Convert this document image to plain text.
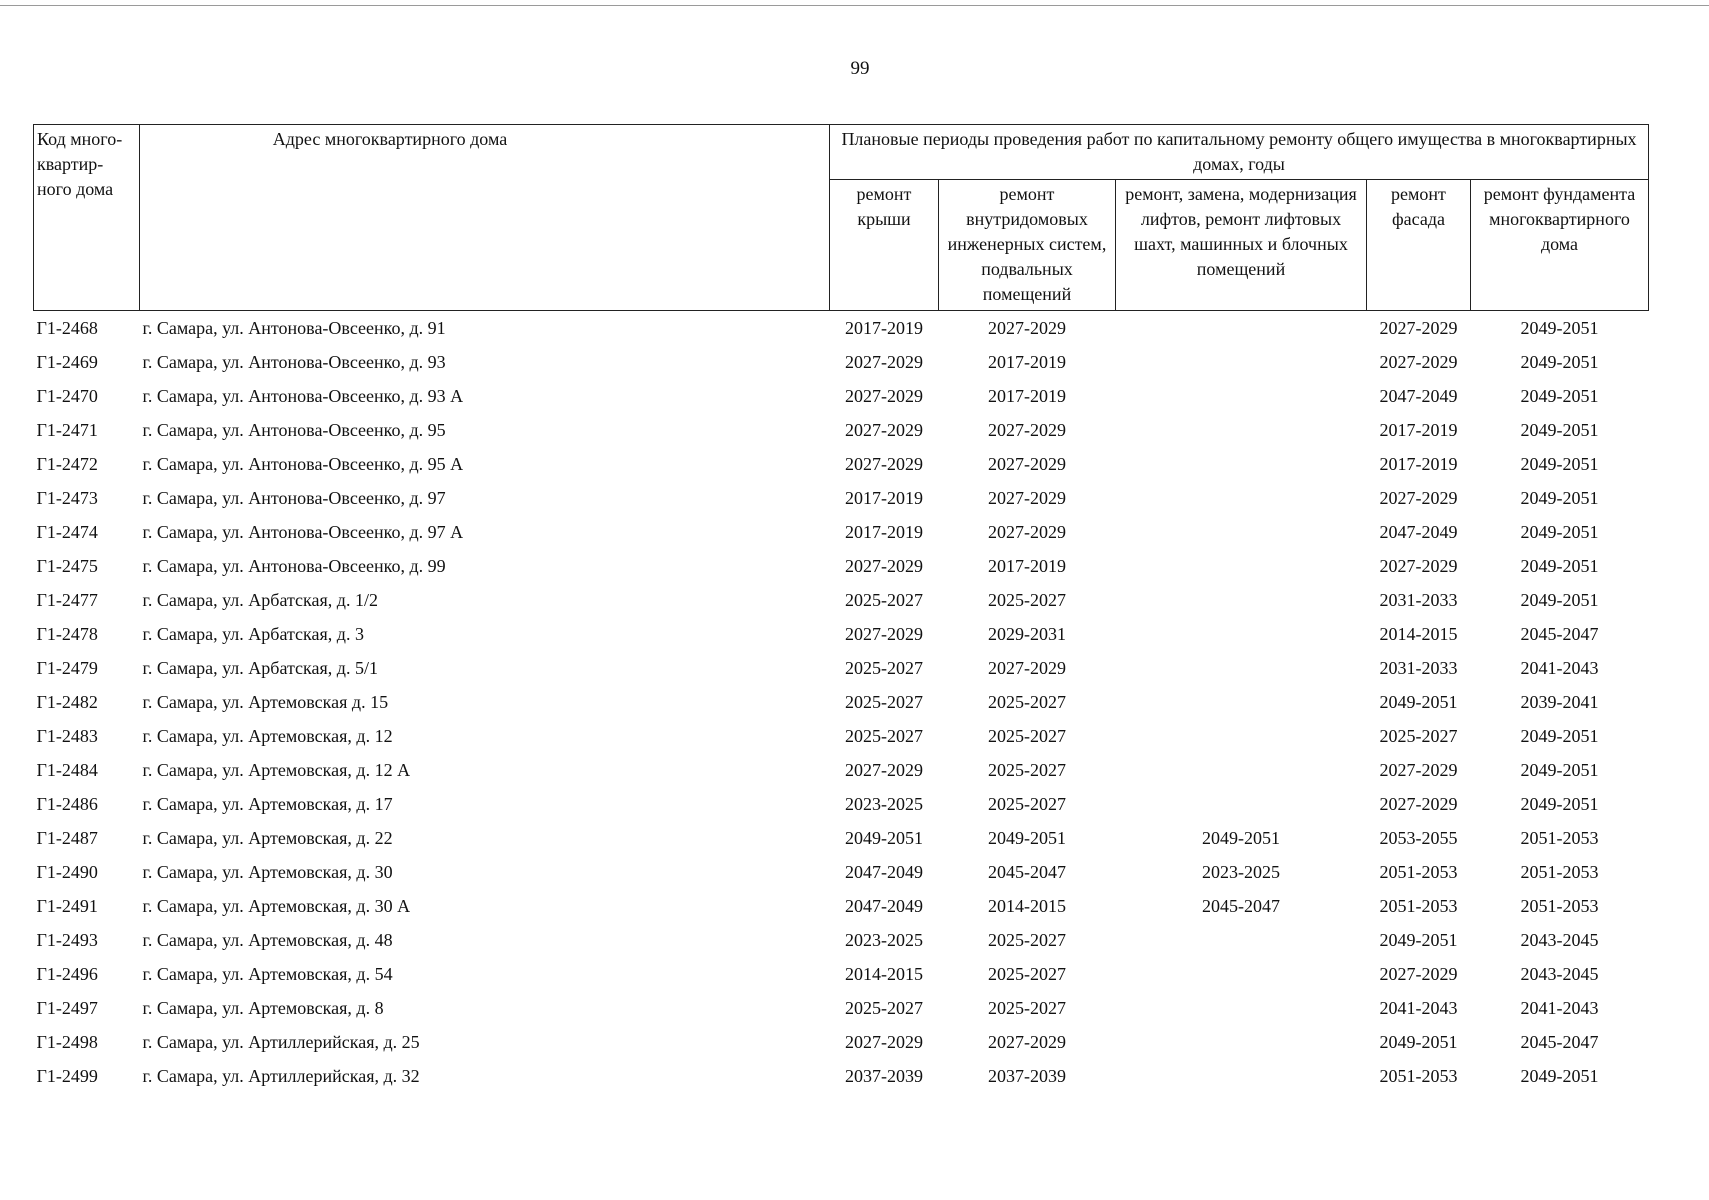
99
Код много-квартир-ного дома	Адрес многоквартирного дома	Плановые периоды проведения работ по капитальному ремонту общего имущества в многоквартирных домах, годы				
		ремонт крыши	ремонт внутридомовых инженерных систем, подвальных помещений	ремонт, замена, модернизация лифтов, ремонт лифтовых шахт, машинных и блочных помещений	ремонт фасада	ремонт фундамента многоквартирного дома
Г1-2468	г. Самара, ул. Антонова-Овсеенко, д. 91	2017-2019	2027-2029		2027-2029	2049-2051
Г1-2469	г. Самара, ул. Антонова-Овсеенко, д. 93	2027-2029	2017-2019		2027-2029	2049-2051
Г1-2470	г. Самара, ул. Антонова-Овсеенко, д. 93 А	2027-2029	2017-2019		2047-2049	2049-2051
Г1-2471	г. Самара, ул. Антонова-Овсеенко, д. 95	2027-2029	2027-2029		2017-2019	2049-2051
Г1-2472	г. Самара, ул. Антонова-Овсеенко, д. 95 А	2027-2029	2027-2029		2017-2019	2049-2051
Г1-2473	г. Самара, ул. Антонова-Овсеенко, д. 97	2017-2019	2027-2029		2027-2029	2049-2051
Г1-2474	г. Самара, ул. Антонова-Овсеенко, д. 97 А	2017-2019	2027-2029		2047-2049	2049-2051
Г1-2475	г. Самара, ул. Антонова-Овсеенко, д. 99	2027-2029	2017-2019		2027-2029	2049-2051
Г1-2477	г. Самара, ул. Арбатская, д. 1/2	2025-2027	2025-2027		2031-2033	2049-2051
Г1-2478	г. Самара, ул. Арбатская, д. 3	2027-2029	2029-2031		2014-2015	2045-2047
Г1-2479	г. Самара, ул. Арбатская, д. 5/1	2025-2027	2027-2029		2031-2033	2041-2043
Г1-2482	г. Самара, ул. Артемовская д. 15	2025-2027	2025-2027		2049-2051	2039-2041
Г1-2483	г. Самара, ул. Артемовская, д. 12	2025-2027	2025-2027		2025-2027	2049-2051
Г1-2484	г. Самара, ул. Артемовская, д. 12 А	2027-2029	2025-2027		2027-2029	2049-2051
Г1-2486	г. Самара, ул. Артемовская, д. 17	2023-2025	2025-2027		2027-2029	2049-2051
Г1-2487	г. Самара, ул. Артемовская, д. 22	2049-2051	2049-2051	2049-2051	2053-2055	2051-2053
Г1-2490	г. Самара, ул. Артемовская, д. 30	2047-2049	2045-2047	2023-2025	2051-2053	2051-2053
Г1-2491	г. Самара, ул. Артемовская, д. 30 А	2047-2049	2014-2015	2045-2047	2051-2053	2051-2053
Г1-2493	г. Самара, ул. Артемовская, д. 48	2023-2025	2025-2027		2049-2051	2043-2045
Г1-2496	г. Самара, ул. Артемовская, д. 54	2014-2015	2025-2027		2027-2029	2043-2045
Г1-2497	г. Самара, ул. Артемовская, д. 8	2025-2027	2025-2027		2041-2043	2041-2043
Г1-2498	г. Самара, ул. Артиллерийская, д. 25	2027-2029	2027-2029		2049-2051	2045-2047
Г1-2499	г. Самара, ул. Артиллерийская, д. 32	2037-2039	2037-2039		2051-2053	2049-2051
